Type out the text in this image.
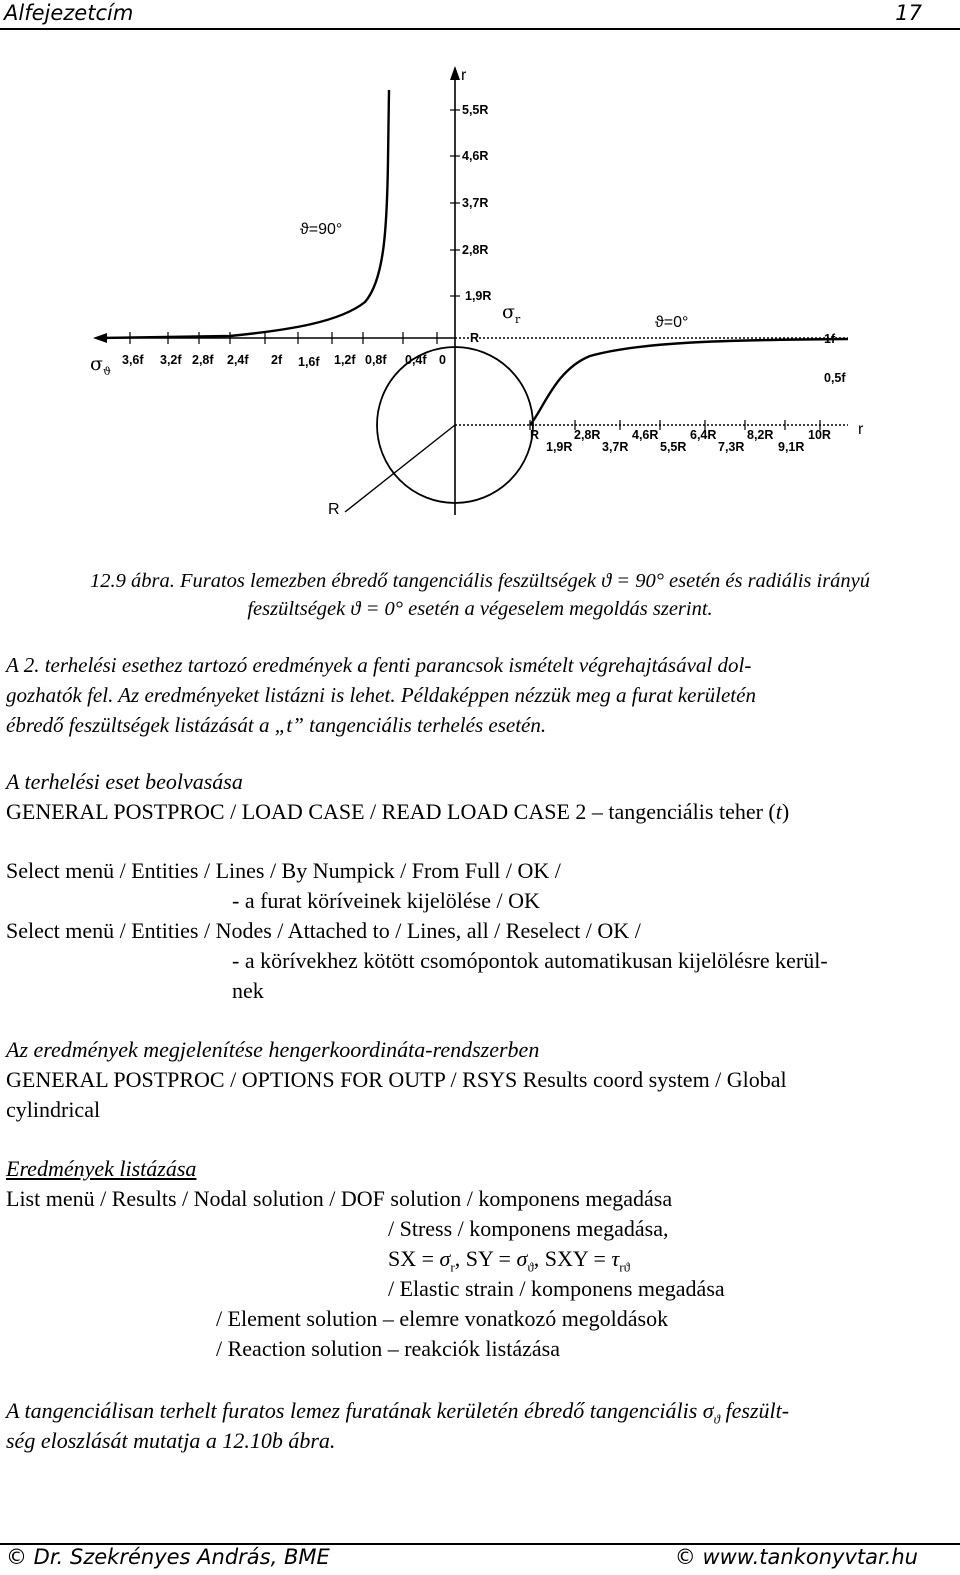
Alfejezetcím	17
r
5,5R
4,6R
3,7R
2,8R
1,9R
R
ϑ=90°
ϑ=0°
$\sigma_ϑ$
$\sigma_r$
3,6f 3,2f 2,8f 2,4f 2f 1,6f 1,2f 0,8f 0,4f 0
1f
0,5f
R	2,8R	4,6R	6,4R 8,2R	10R
1,9R 3,7R	5,5R	7,3R	9,1R
r
R
12.9 ábra. Furatos lemezben ébredő tangenciális feszültségek ϑ = 90° esetén és radiális irányú
feszültségek ϑ = 0° esetén a végeselem megoldás szerint.
A 2. terhelési esethez tartozó eredmények a fenti parancsok ismételt végrehajtásával dol-
gozhatók fel. Az eredményeket listázni is lehet. Példaképpen nézzük meg a furat kerületén
ébredő feszültségek listázását a „t” tangenciális terhelés esetén.
A terhelési eset beolvasása
GENERAL POSTPROC / LOAD CASE / READ LOAD CASE 2 – tangenciális teher (t)
Select menü / Entities / Lines / By Numpick / From Full / OK /
- a furat köríveinek kijelölése / OK
Select menü / Entities / Nodes / Attached to / Lines, all / Reselect / OK /
- a körívekhez kötött csomópontok automatikusan kijelölésre kerül-
nek
Az eredmények megjelenítése hengerkoordináta-rendszerben
GENERAL POSTPROC / OPTIONS FOR OUTP / RSYS Results coord system / Global
cylindrical
Eredmények listázása
List menü / Results / Nodal solution / DOF solution / komponens megadása
/ Stress / komponens megadása,
SX = $\sigma_r$, SY = $\sigma_ϑ$, SXY = $\tau_{rϑ}$
/ Elastic strain / komponens megadása
/ Element solution – elemre vonatkozó megoldások
/ Reaction solution – reakciók listázása
A tangenciálisan terhelt furatos lemez furatának kerületén ébredő tangenciális $\sigma_ϑ$ feszült-
ség eloszlását mutatja a 12.10b ábra.
© Dr. Szekrényes András, BME	© www.tankonyvtar.hu
